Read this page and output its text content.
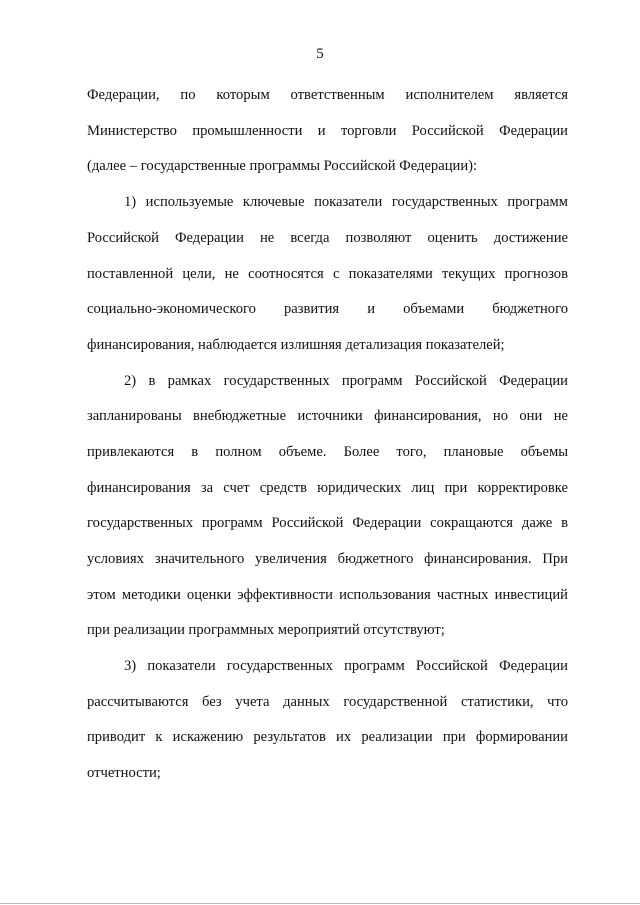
5
Федерации, по которым ответственным исполнителем является
Министерство промышленности и торговли Российской Федерации
(далее – государственные программы Российской Федерации):
1) используемые ключевые показатели государственных программ
Российской Федерации не всегда позволяют оценить достижение
поставленной цели, не соотносятся с показателями текущих прогнозов
социально-экономического развития и объемами бюджетного
финансирования, наблюдается излишняя детализация показателей;
2) в рамках государственных программ Российской Федерации
запланированы внебюджетные источники финансирования, но они не
привлекаются в полном объеме. Более того, плановые объемы
финансирования за счет средств юридических лиц при корректировке
государственных программ Российской Федерации сокращаются даже в
условиях значительного увеличения бюджетного финансирования. При
этом методики оценки эффективности использования частных инвестиций
при реализации программных мероприятий отсутствуют;
3) показатели государственных программ Российской Федерации
рассчитываются без учета данных государственной статистики, что
приводит к искажению результатов их реализации при формировании
отчетности;
